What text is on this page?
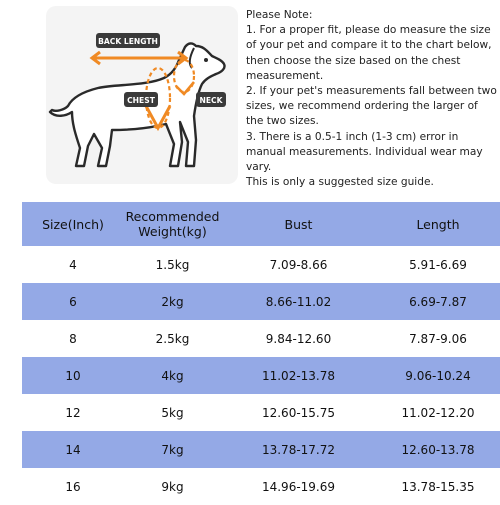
BACK LENGTH
CHEST	NECK
Please Note:
1. For a proper fit, please do measure the size of your pet and compare it to the chart below, then choose the size based on the chest measurement.
2. If your pet's measurements fall between two sizes, we recommend ordering the larger of the two sizes.
3. There is a 0.5-1 inch (1-3 cm) error in manual measurements. Individual wear may vary.
This is only a suggested size guide.
Size(Inch)	Recommended Weight(kg)	Bust	Length
4	1.5kg	7.09-8.66	5.91-6.69
6	2kg	8.66-11.02	6.69-7.87
8	2.5kg	9.84-12.60	7.87-9.06
10	4kg	11.02-13.78	9.06-10.24
12	5kg	12.60-15.75	11.02-12.20
14	7kg	13.78-17.72	12.60-13.78
16	9kg	14.96-19.69	13.78-15.35
